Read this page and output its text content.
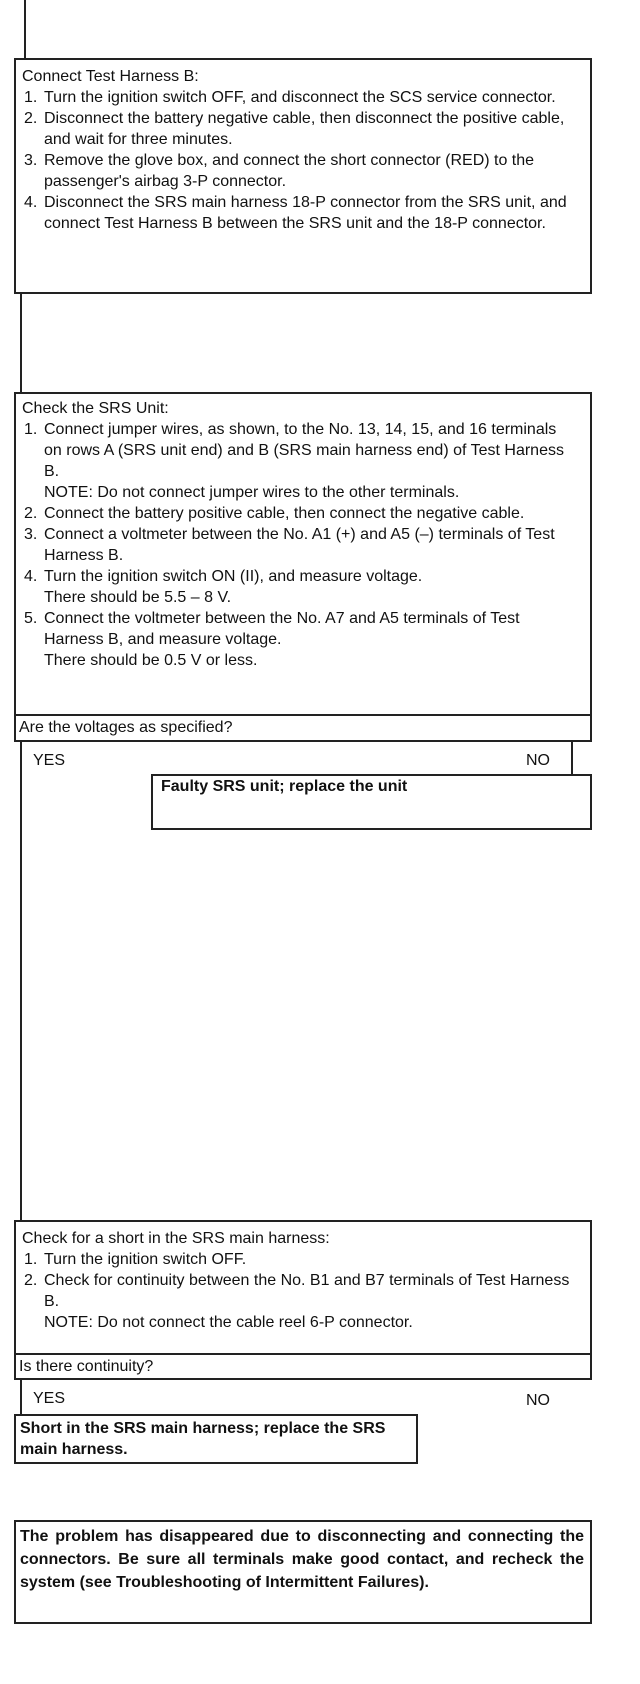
Connect Test Harness B:
1. Turn the ignition switch OFF, and disconnect the SCS service connector.
2. Disconnect the battery negative cable, then disconnect the positive cable, and wait for three minutes.
3. Remove the glove box, and connect the short connector (RED) to the passenger's airbag 3-P connector.
4. Disconnect the SRS main harness 18-P connector from the SRS unit, and connect Test Harness B between the SRS unit and the 18-P connector.
Check the SRS Unit:
1. Connect jumper wires, as shown, to the No. 13, 14, 15, and 16 terminals on rows A (SRS unit end) and B (SRS main harness end) of Test Harness B.
NOTE: Do not connect jumper wires to the other terminals.
2. Connect the battery positive cable, then connect the negative cable.
3. Connect a voltmeter between the No. A1 (+) and A5 (–) terminals of Test Harness B.
4. Turn the ignition switch ON (II), and measure voltage.
There should be 5.5 – 8 V.
5. Connect the voltmeter between the No. A7 and A5 terminals of Test Harness B, and measure voltage.
There should be 0.5 V or less.
Are the voltages as specified?
YES	NO
Faulty SRS unit; replace the unit
Check for a short in the SRS main harness:
1. Turn the ignition switch OFF.
2. Check for continuity between the No. B1 and B7 terminals of Test Harness B.
NOTE: Do not connect the cable reel 6-P connector.
Is there continuity?
YES	NO
Short in the SRS main harness; replace the SRS main harness.
The problem has disappeared due to disconnecting and connecting the connectors. Be sure all terminals make good contact, and recheck the system (see Troubleshooting of Intermittent Failures).
